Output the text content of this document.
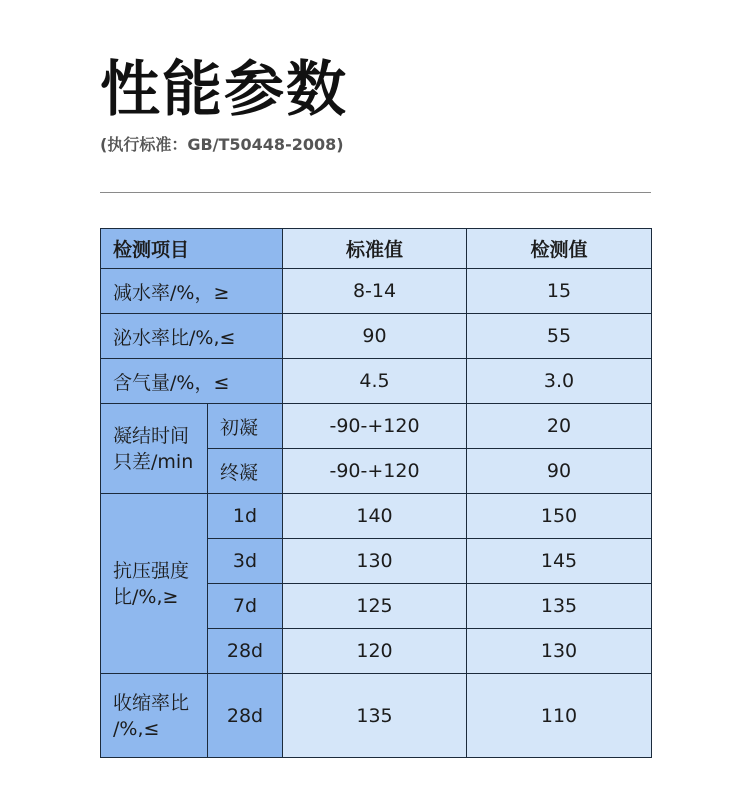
性能参数
(执行标准：GB/T50448-2008)
检测项目		标准值	检测值
减水率/%，≥		8-14	15
泌水率比/%,≤		90	55
含气量/%，≤		4.5	3.0

凝结时间
只差/min	初凝	-90-+120	20
	终凝	-90-+120	90

抗压强度
比/%,≥	1d	140	150
	3d	130	145
	7d	125	135
	28d	120	130

收缩率比
/%,≤	28d	135	110
